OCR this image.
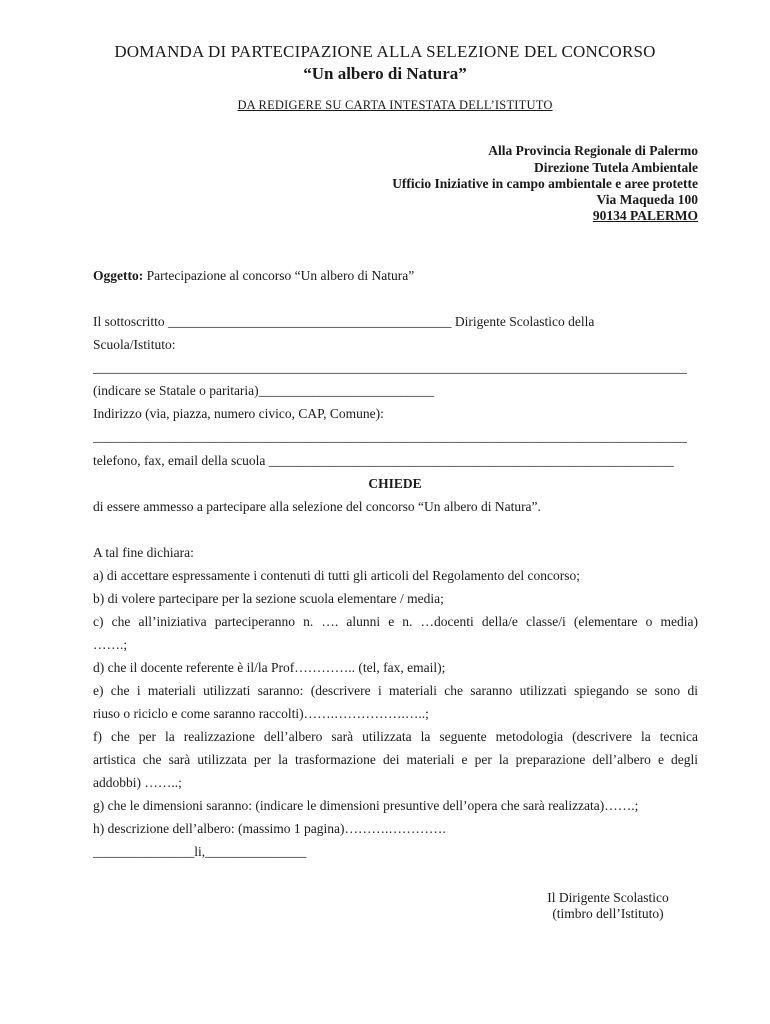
DOMANDA DI PARTECIPAZIONE ALLA SELEZIONE DEL CONCORSO
“Un albero di Natura”
DA REDIGERE SU CARTA INTESTATA DELL’ISTITUTO
Alla Provincia Regionale di Palermo
Direzione Tutela Ambientale
Ufficio Iniziative in campo ambientale e aree protette
Via Maqueda 100
90134 PALERMO
Oggetto: Partecipazione al concorso “Un albero di Natura”
Il sottoscritto __________________________________________ Dirigente Scolastico della
Scuola/Istituto:
________________________________________________________________________________________
(indicare se Statale o paritaria)__________________________
Indirizzo (via, piazza, numero civico, CAP, Comune):
________________________________________________________________________________________
telefono, fax, email della scuola ____________________________________________________________
CHIEDE
di essere ammesso a partecipare alla selezione del concorso “Un albero di Natura”.
A tal fine dichiara:
a) di accettare espressamente i contenuti di tutti gli articoli del Regolamento del concorso;
b) di volere partecipare per la sezione scuola elementare / media;
c) che all’iniziativa parteciperanno n. …. alunni e n. …docenti della/e classe/i (elementare o media)
…….;
d) che il docente referente è il/la Prof………….. (tel, fax, email);
e) che i materiali utilizzati saranno: (descrivere i materiali che saranno utilizzati spiegando se sono di
riuso o riciclo e come saranno raccolti)…….…………….…..;
f) che per la realizzazione dell’albero sarà utilizzata la seguente metodologia (descrivere la tecnica
artistica che sarà utilizzata per la trasformazione dei materiali e per la preparazione dell’albero e degli
addobbi) ……..;
g) che le dimensioni saranno: (indicare le dimensioni presuntive dell’opera che sarà realizzata)…….;
h) descrizione dell’albero: (massimo 1 pagina)……….………….
_______________li,_______________
Il Dirigente Scolastico
(timbro dell’Istituto)
